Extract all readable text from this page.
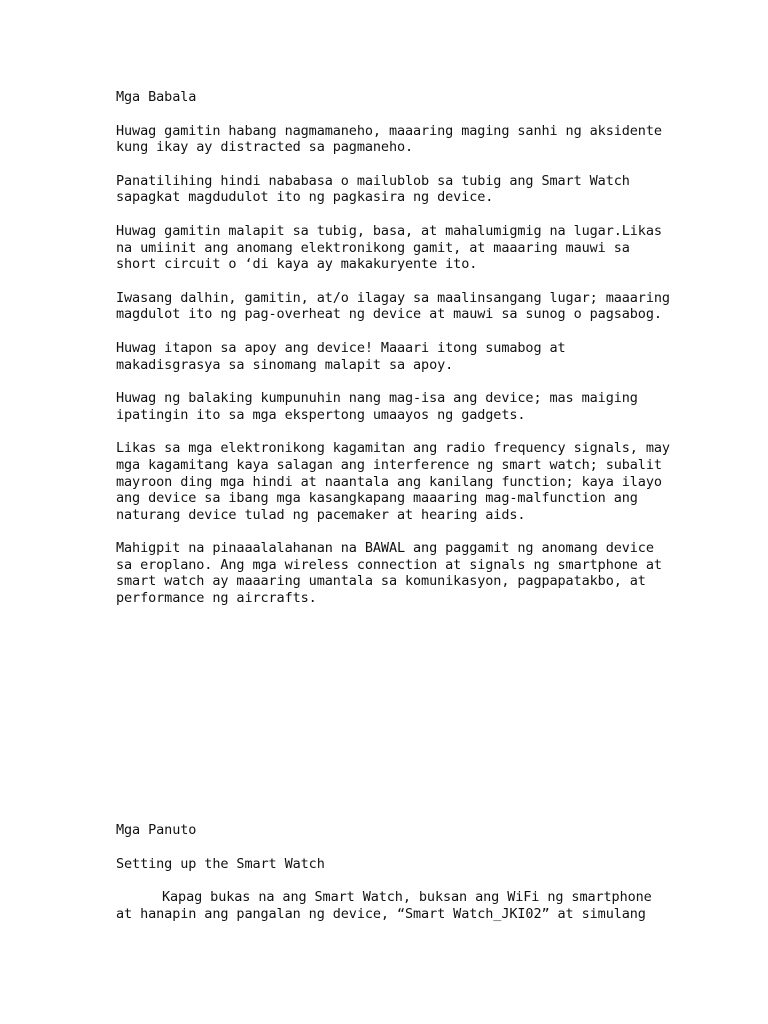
Mga Babala
Huwag gamitin habang nagmamaneho, maaaring maging sanhi ng aksidente
kung ikay ay distracted sa pagmaneho.
Panatilihing hindi nababasa o mailublob sa tubig ang Smart Watch
sapagkat magdudulot ito ng pagkasira ng device.
Huwag gamitin malapit sa tubig, basa, at mahalumigmig na lugar.Likas
na umiinit ang anomang elektronikong gamit, at maaaring mauwi sa
short circuit o ‘di kaya ay makakuryente ito.
Iwasang dalhin, gamitin, at/o ilagay sa maalinsangang lugar; maaaring
magdulot ito ng pag-overheat ng device at mauwi sa sunog o pagsabog.
Huwag itapon sa apoy ang device! Maaari itong sumabog at
makadisgrasya sa sinomang malapit sa apoy.
Huwag ng balaking kumpunuhin nang mag-isa ang device; mas maiging
ipatingin ito sa mga ekspertong umaayos ng gadgets.
Likas sa mga elektronikong kagamitan ang radio frequency signals, may
mga kagamitang kaya salagan ang interference ng smart watch; subalit
mayroon ding mga hindi at naantala ang kanilang function; kaya ilayo
ang device sa ibang mga kasangkapang maaaring mag-malfunction ang
naturang device tulad ng pacemaker at hearing aids.
Mahigpit na pinaaalalahanan na BAWAL ang paggamit ng anomang device
sa eroplano. Ang mga wireless connection at signals ng smartphone at
smart watch ay maaaring umantala sa komunikasyon, pagpapatakbo, at
performance ng aircrafts.
Mga Panuto
Setting up the Smart Watch
Kapag bukas na ang Smart Watch, buksan ang WiFi ng smartphone
at hanapin ang pangalan ng device, “Smart Watch_JKI02” at simulang
